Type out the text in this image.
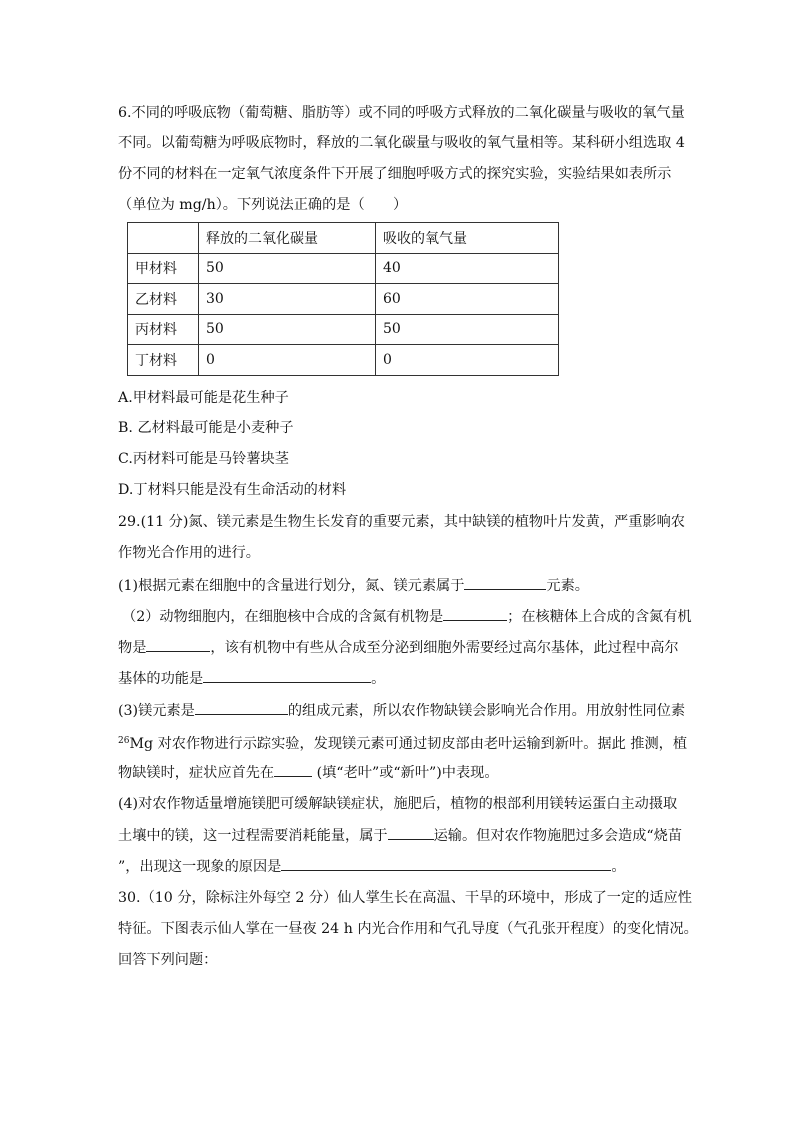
6.不同的呼吸底物（葡萄糖、脂肪等）或不同的呼吸方式释放的二氧化碳量与吸收的氧气量
不同。以葡萄糖为呼吸底物时，释放的二氧化碳量与吸收的氧气量相等。某科研小组选取 4
份不同的材料在一定氧气浓度条件下开展了细胞呼吸方式的探究实验，实验结果如表所示
（单位为 mg/h）。下列说法正确的是（　　）
	释放的二氧化碳量	吸收的氧气量
甲材料	50	40
乙材料	30	60
丙材料	50	50
丁材料	0	0
A.甲材料最可能是花生种子
B. 乙材料最可能是小麦种子
C.丙材料可能是马铃薯块茎
D.丁材料只能是没有生命活动的材料
29.(11 分)氮、镁元素是生物生长发育的重要元素，其中缺镁的植物叶片发黄，严重影响农
作物光合作用的进行。
(1)根据元素在细胞中的含量进行划分，氮、镁元素属于	元素。
（2）动物细胞内，在细胞核中合成的含氮有机物是	；在核糖体上合成的含氮有机
物是	，该有机物中有些从合成至分泌到细胞外需要经过高尔基体，此过程中高尔
基体的功能是	。
(3)镁元素是	的组成元素，所以农作物缺镁会影响光合作用。用放射性同位素
$^{26}$Mg 对农作物进行示踪实验，发现镁元素可通过韧皮部由老叶运输到新叶。据此 推测，植
物缺镁时，症状应首先在	(填“老叶”或“新叶”)中表现。
(4)对农作物适量增施镁肥可缓解缺镁症状，施肥后，植物的根部利用镁转运蛋白主动摄取
土壤中的镁，这一过程需要消耗能量，属于	运输。但对农作物施肥过多会造成“烧苗
”，出现这一现象的原因是	。
30.（10 分，除标注外每空 2 分）仙人掌生长在高温、干旱的环境中，形成了一定的适应性
特征。下图表示仙人掌在一昼夜 24 h 内光合作用和气孔导度（气孔张开程度）的变化情况。
回答下列问题：
